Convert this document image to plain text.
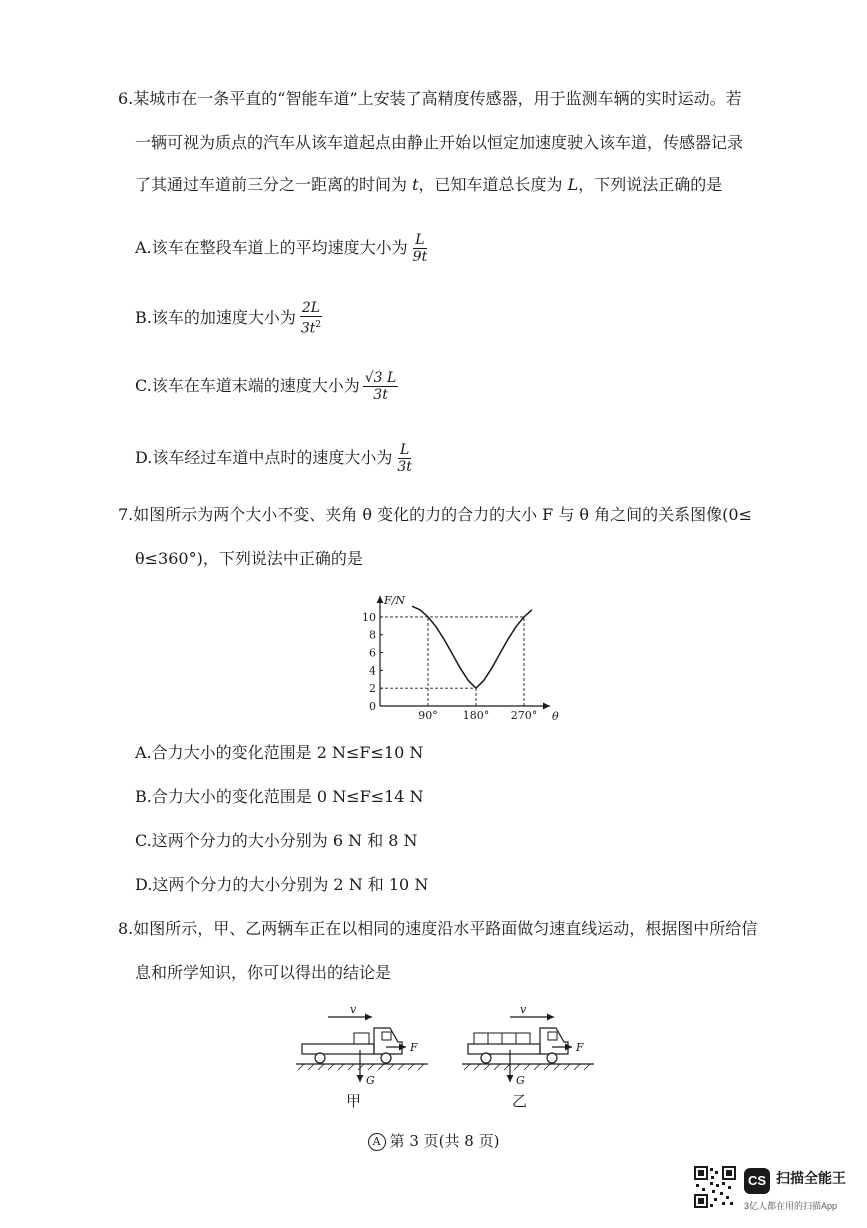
6.某城市在一条平直的“智能车道”上安装了高精度传感器，用于监测车辆的实时运动。若
一辆可视为质点的汽车从该车道起点由静止开始以恒定加速度驶入该车道，传感器记录
了其通过车道前三分之一距离的时间为 t，已知车道总长度为 L，下列说法正确的是
A.该车在整段车道上的平均速度大小为 $\frac{L}{9t}$
B.该车的加速度大小为 $\frac{2L}{3t^2}$
C.该车在车道末端的速度大小为 $\frac{√3 L}{3t}$
D.该车经过车道中点时的速度大小为 $\frac{L}{3t}$
7.如图所示为两个大小不变、夹角 θ 变化的力的合力的大小 F 与 θ 角之间的关系图像(0≤
θ≤360°)，下列说法中正确的是
F/N
θ
0
2
4
6
8
10
90° 180° 270°
A.合力大小的变化范围是 2 N≤F≤10 N
B.合力大小的变化范围是 0 N≤F≤14 N
C.这两个分力的大小分别为 6 N 和 8 N
D.这两个分力的大小分别为 2 N 和 10 N
8.如图所示，甲、乙两辆车正在以相同的速度沿水平路面做匀速直线运动，根据图中所给信
息和所学知识，你可以得出的结论是
v
F
G
甲
v
F
G
乙
A 第 3 页(共 8 页)
CS 扫描全能王
3亿人都在用的扫描App
